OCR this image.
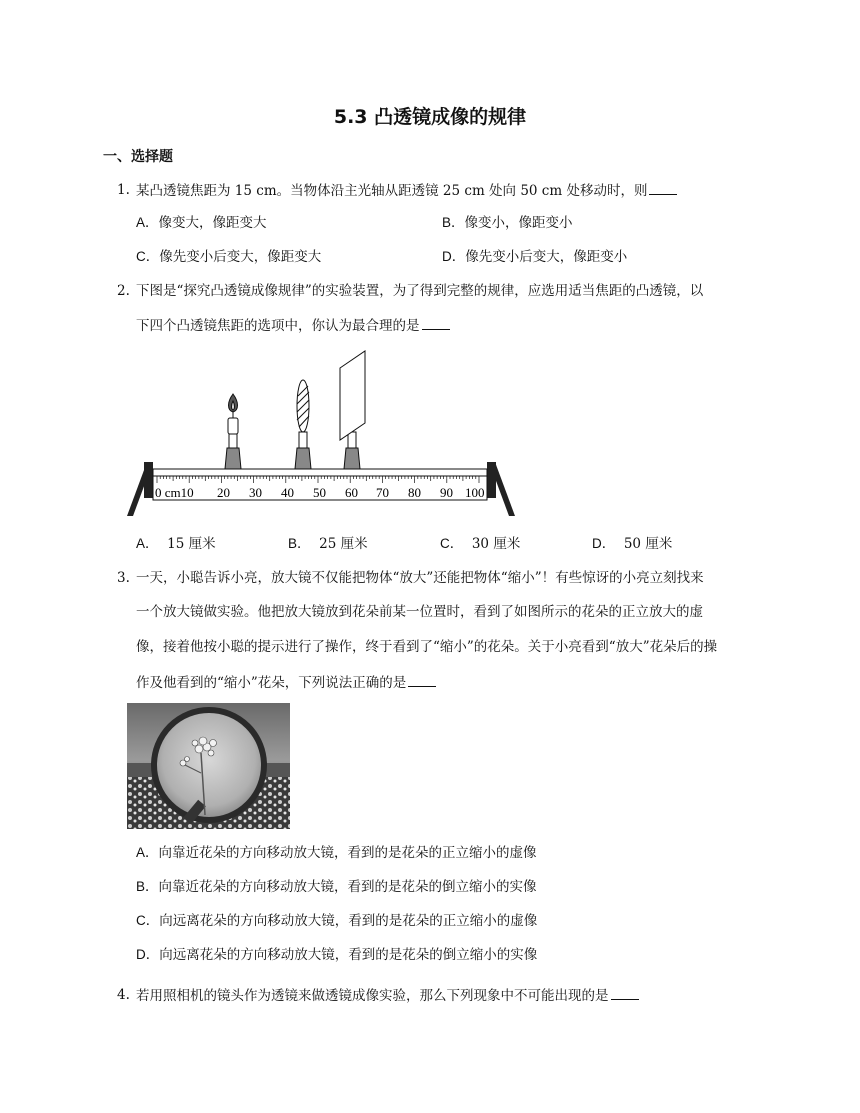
5.3 凸透镜成像的规律
一、选择题
1. 某凸透镜焦距为 15 cm。当物体沿主光轴从距透镜 25 cm 处向 50 cm 处移动时，则
A．像变大，像距变大	B．像变小，像距变小
C．像先变小后变大，像距变大	D．像先变小后变大，像距变小
2. 下图是“探究凸透镜成像规律”的实验装置，为了得到完整的规律，应选用适当焦距的凸透镜，以
下四个凸透镜焦距的选项中，你认为最合理的是
0 cm10 20 30 40 50 60 70 80 90 100
A． 15 厘米	B． 25 厘米	C． 30 厘米	D． 50 厘米
3. 一天，小聪告诉小亮，放大镜不仅能把物体“放大”还能把物体“缩小”！有些惊讶的小亮立刻找来
一个放大镜做实验。他把放大镜放到花朵前某一位置时，看到了如图所示的花朵的正立放大的虚
像，接着他按小聪的提示进行了操作，终于看到了“缩小”的花朵。关于小亮看到“放大”花朵后的操
作及他看到的“缩小”花朵，下列说法正确的是
A．向靠近花朵的方向移动放大镜，看到的是花朵的正立缩小的虚像
B．向靠近花朵的方向移动放大镜，看到的是花朵的倒立缩小的实像
C．向远离花朵的方向移动放大镜，看到的是花朵的正立缩小的虚像
D．向远离花朵的方向移动放大镜，看到的是花朵的倒立缩小的实像
4. 若用照相机的镜头作为透镜来做透镜成像实验，那么下列现象中不可能出现的是
